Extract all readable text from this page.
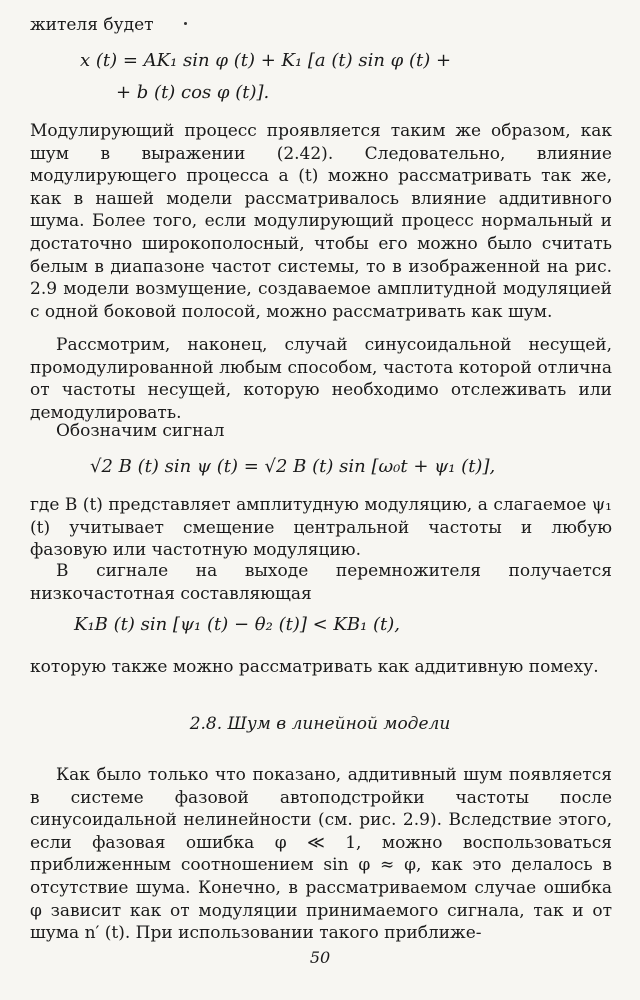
жителя будет

x (t) = AK₁ sin φ (t) + K₁ [a (t) sin φ (t) +

+ b (t) cos φ (t)].

Модулирующий процесс проявляется таким же образом, как шум в выражении (2.42). Следовательно, влияние модулирующего процесса a (t) можно рассматривать так же, как в нашей модели рассматривалось влияние аддитивного шума. Более того, если модулирующий процесс нормальный и достаточно широкополосный, чтобы его можно было считать белым в диапазоне частот системы, то в изображенной на рис. 2.9 модели возмущение, создаваемое амплитудной модуляцией с одной боковой полосой, можно рассматривать как шум.

Рассмотрим, наконец, случай синусоидальной несущей, промодулированной любым способом, частота которой отлична от частоты несущей, которую необходимо отслеживать или демодулировать.

Обозначим сигнал

√2 B (t) sin ψ (t) = √2 B (t) sin [ω₀t + ψ₁ (t)],

где B (t) представляет амплитудную модуляцию, а слагаемое ψ₁ (t) учитывает смещение центральной частоты и любую фазовую или частотную модуляцию.

В сигнале на выходе перемножителя получается низкочастотная составляющая

K₁B (t) sin [ψ₁ (t) − θ₂ (t)] < KB₁ (t),

которую также можно рассматривать как аддитивную помеху.

2.8. Шум в линейной модели

Как было только что показано, аддитивный шум появляется в системе фазовой автоподстройки частоты после синусоидальной нелинейности (см. рис. 2.9). Вследствие этого, если фазовая ошибка φ ≪ 1, можно воспользоваться приближенным соотношением sin φ ≈ φ, как это делалось в отсутствие шума. Конечно, в рассматриваемом случае ошибка φ зависит как от модуляции принимаемого сигнала, так и от шума n′ (t). При использовании такого приближе-

50
